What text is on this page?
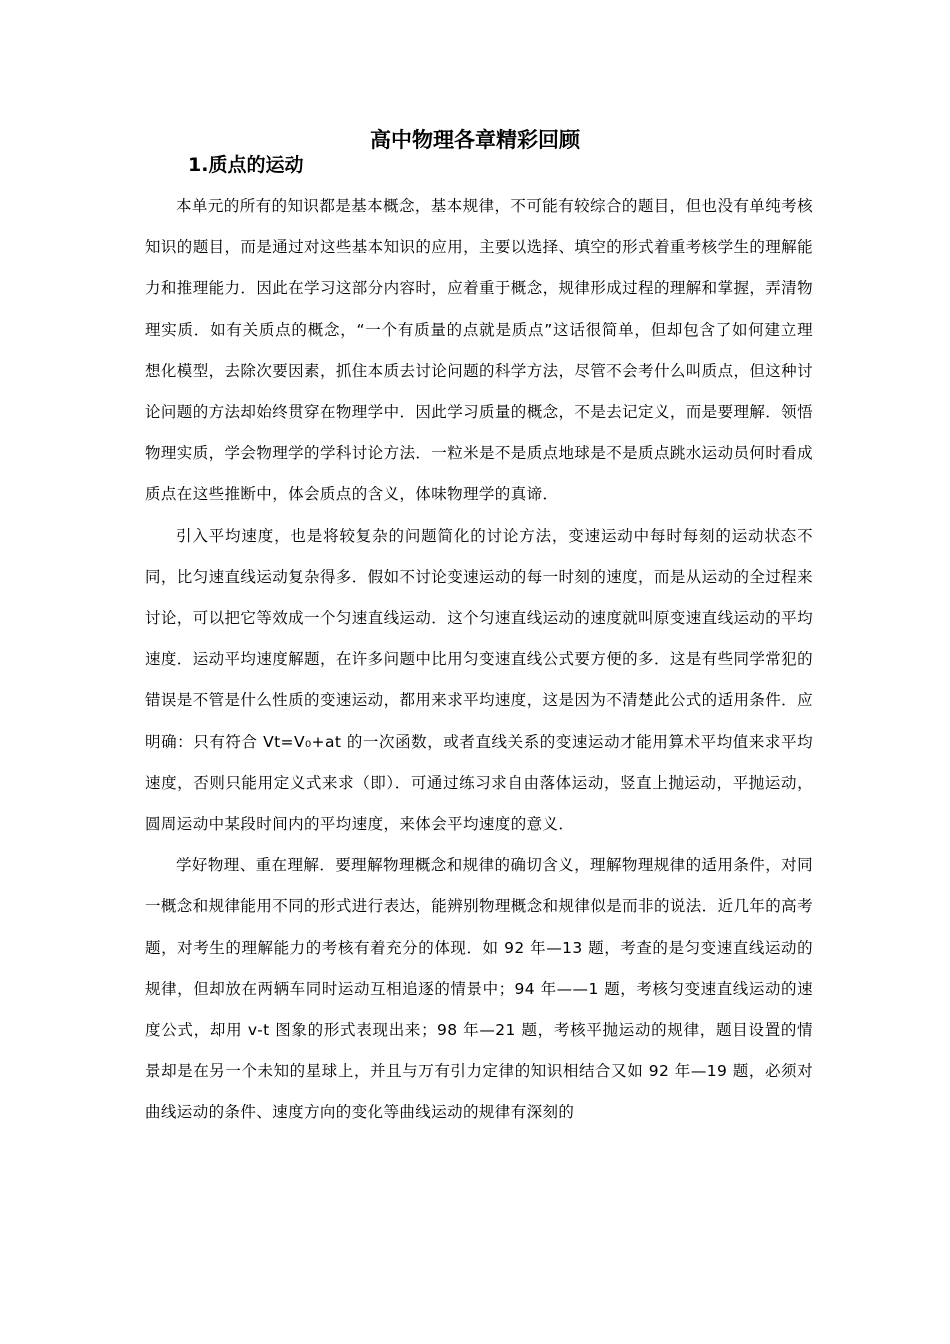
高中物理各章精彩回顾
1.质点的运动

本单元的所有的知识都是基本概念，基本规律，不可能有较综合的题目，但也没有单纯考核知识的题目，而是通过对这些基本知识的应用，主要以选择、填空的形式着重考核学生的理解能力和推理能力．因此在学习这部分内容时，应着重于概念，规律形成过程的理解和掌握，弄清物理实质．如有关质点的概念，“一个有质量的点就是质点”这话很简单，但却包含了如何建立理想化模型，去除次要因素，抓住本质去讨论问题的科学方法，尽管不会考什么叫质点，但这种讨论问题的方法却始终贯穿在物理学中．因此学习质量的概念，不是去记定义，而是要理解．领悟物理实质，学会物理学的学科讨论方法．一粒米是不是质点地球是不是质点跳水运动员何时看成质点在这些推断中，体会质点的含义，体味物理学的真谛．

引入平均速度，也是将较复杂的问题简化的讨论方法，变速运动中每时每刻的运动状态不同，比匀速直线运动复杂得多．假如不讨论变速运动的每一时刻的速度，而是从运动的全过程来讨论，可以把它等效成一个匀速直线运动．这个匀速直线运动的速度就叫原变速直线运动的平均速度．运动平均速度解题，在许多问题中比用匀变速直线公式要方便的多．这是有些同学常犯的错误是不管是什么性质的变速运动，都用来求平均速度，这是因为不清楚此公式的适用条件．应明确：只有符合 Vt=V₀+at 的一次函数，或者直线关系的变速运动才能用算术平均值来求平均速度，否则只能用定义式来求（即）．可通过练习求自由落体运动，竖直上抛运动，平抛运动，圆周运动中某段时间内的平均速度，来体会平均速度的意义．

学好物理、重在理解．要理解物理概念和规律的确切含义，理解物理规律的适用条件，对同一概念和规律能用不同的形式进行表达，能辨别物理概念和规律似是而非的说法．近几年的高考题，对考生的理解能力的考核有着充分的体现．如 92 年—13 题，考查的是匀变速直线运动的规律，但却放在两辆车同时运动互相追逐的情景中；94 年——1 题，考核匀变速直线运动的速度公式，却用 v-t 图象的形式表现出来；98 年—21 题，考核平抛运动的规律，题目设置的情景却是在另一个未知的星球上，并且与万有引力定律的知识相结合又如 92 年—19 题，必须对曲线运动的条件、速度方向的变化等曲线运动的规律有深刻的
